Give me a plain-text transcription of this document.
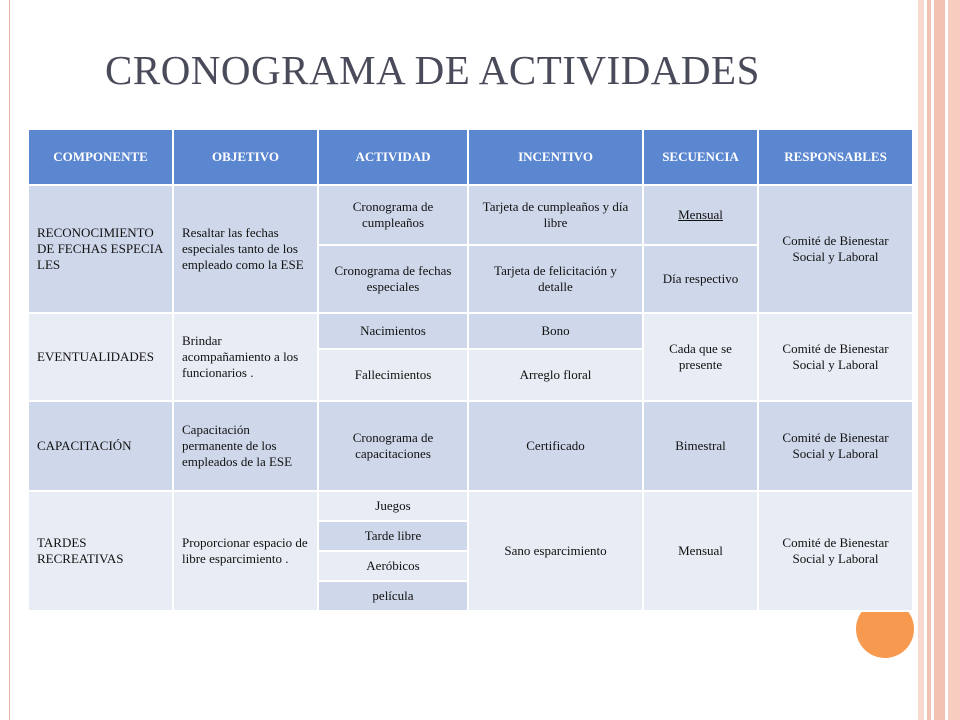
CRONOGRAMA DE ACTIVIDADES
COMPONENTE	OBJETIVO	ACTIVIDAD	INCENTIVO	SECUENCIA	RESPONSABLES
RECONOCIMIENTO DE FECHAS ESPECIALES	Resaltar las fechas especiales tanto de los empleado como la ESE	Cronograma de cumpleaños	Tarjeta de cumpleaños y día libre	Mensual	Comité de Bienestar Social y Laboral
		Cronograma de fechas especiales	Tarjeta de felicitación y detalle	Día respectivo	
EVENTUALIDADES	Brindar acompañamiento a los funcionarios .	Nacimientos	Bono	Cada que se presente	Comité de Bienestar Social y Laboral
		Fallecimientos	Arreglo floral		
CAPACITACIÓN	Capacitación permanente de los empleados de la ESE	Cronograma de capacitaciones	Certificado	Bimestral	Comité de Bienestar Social y Laboral
TARDES RECREATIVAS	Proporcionar espacio de libre esparcimiento .	Juegos	Sano esparcimiento	Mensual	Comité de Bienestar Social y Laboral
		Tarde libre			
		Aeróbicos			
		película			
